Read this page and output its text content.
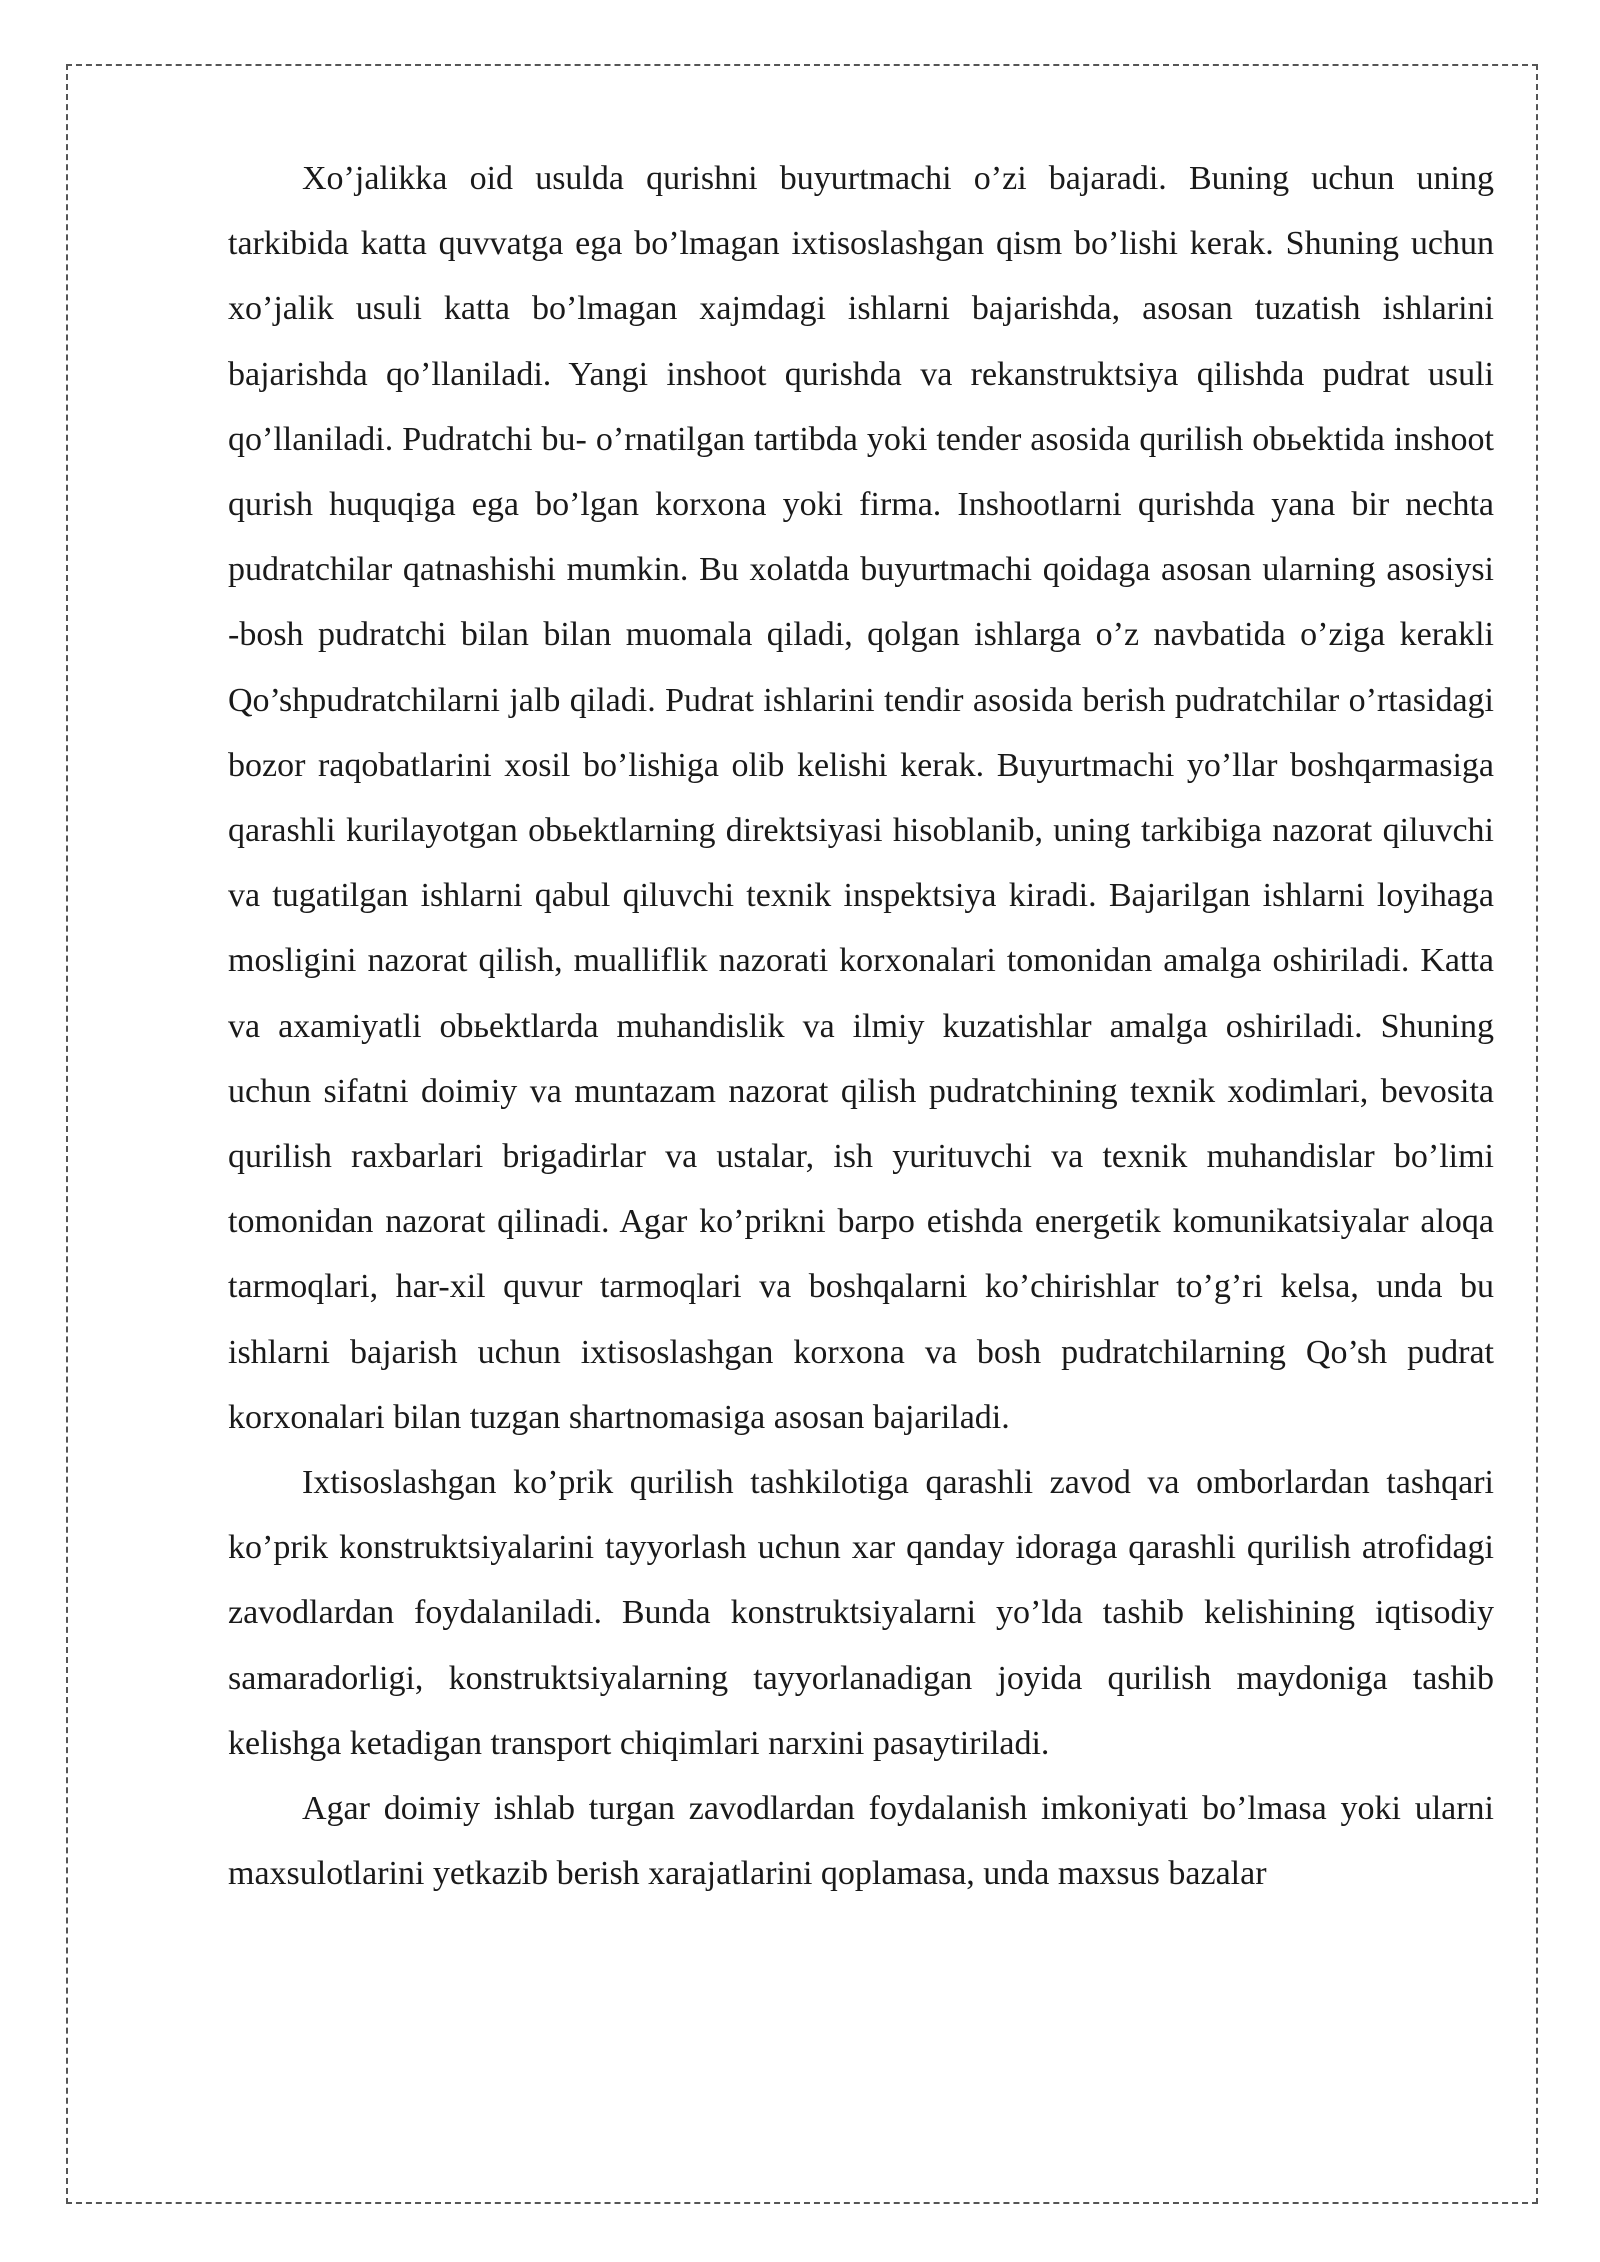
Xo’jalikka oid usulda qurishni buyurtmachi o’zi bajaradi. Buning uchun uning tarkibida katta quvvatga ega bo’lmagan ixtisoslashgan qism bo’lishi kerak. Shuning uchun xo’jalik usuli katta bo’lmagan xajmdagi ishlarni bajarishda, asosan tuzatish ishlarini bajarishda qo’llaniladi. Yangi inshoot qurishda va rekanstruktsiya qilishda pudrat usuli qo’llaniladi. Pudratchi bu- o’rnatilgan tartibda yoki tender asosida qurilish obьektida inshoot qurish huquqiga ega bo’lgan korxona yoki firma. Inshootlarni qurishda yana bir nechta pudratchilar qatnashishi mumkin. Bu xolatda buyurtmachi qoidaga asosan ularning asosiysi -bosh pudratchi bilan bilan muomala qiladi, qolgan ishlarga o’z navbatida o’ziga kerakli Qo’shpudratchilarni jalb qiladi. Pudrat ishlarini tendir asosida berish pudratchilar o’rtasidagi bozor raqobatlarini xosil bo’lishiga olib kelishi kerak. Buyurtmachi yo’llar boshqarmasiga qarashli kurilayotgan obьektlarning direktsiyasi hisoblanib, uning tarkibiga nazorat qiluvchi va tugatilgan ishlarni qabul qiluvchi texnik inspektsiya kiradi. Bajarilgan ishlarni loyihaga mosligini nazorat qilish, mualliflik nazorati korxonalari tomonidan amalga oshiriladi. Katta va axamiyatli obьektlarda muhandislik va ilmiy kuzatishlar amalga oshiriladi. Shuning uchun sifatni doimiy va muntazam nazorat qilish pudratchining texnik xodimlari, bevosita qurilish raxbarlari brigadirlar va ustalar, ish yurituvchi va texnik muhandislar bo’limi tomonidan nazorat qilinadi. Agar ko’prikni barpo etishda energetik komunikatsiyalar aloqa tarmoqlari, har-xil quvur tarmoqlari va boshqalarni ko’chirishlar to’g’ri kelsa, unda bu ishlarni bajarish uchun ixtisoslashgan korxona va bosh pudratchilarning Qo’sh pudrat korxonalari bilan tuzgan shartnomasiga asosan bajariladi.

Ixtisoslashgan ko’prik qurilish tashkilotiga qarashli zavod va omborlardan tashqari ko’prik konstruktsiyalarini tayyorlash uchun xar qanday idoraga qarashli qurilish atrofidagi zavodlardan foydalaniladi. Bunda konstruktsiyalarni yo’lda tashib kelishining iqtisodiy samaradorligi, konstruktsiyalarning tayyorlanadigan joyida qurilish maydoniga tashib kelishga ketadigan transport chiqimlari narxini pasaytiriladi.

Agar doimiy ishlab turgan zavodlardan foydalanish imkoniyati bo’lmasa yoki ularni maxsulotlarini yetkazib berish xarajatlarini qoplamasa, unda maxsus bazalar
